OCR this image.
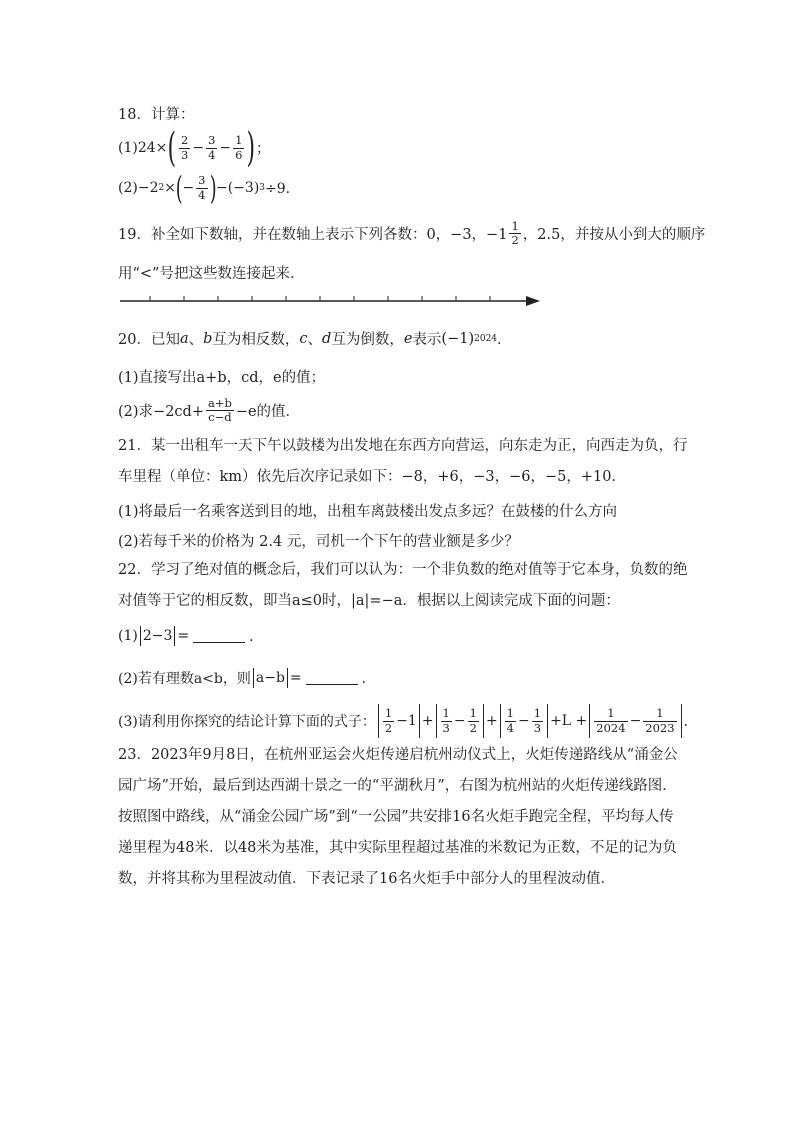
18．计算：
(1) 24× ( $\frac{2}{3} - \frac{3}{4} - \frac{1}{6}$ ) ；
(2) −2 2 × ( − $\frac{3}{4}$ ) −(−3) 3 ÷9．
19．补全如下数轴，并在数轴上表示下列各数：0，−3，$-1 \frac{1}{2}$ ，2.5，并按从小到大的顺序
用“<”号把这些数连接起来．
20．已知 a 、 b 互为相反数， c 、 d 互为倒数， e 表示 (−1) 2024 ．
(1)直接写出a+b，cd，e的值；
(2)求$-2cd+ \frac{a+b}{c-d} -e$的值．
21．某一出租车一天下午以鼓楼为出发地在东西方向营运，向东走为正，向西走为负，行车里程（单位：km）依先后次序记录如下：−8，+6，−3，−6，−5，+10．
(1)将最后一名乘客送到目的地，出租车离鼓楼出发点多远？在鼓楼的什么方向
(2)若每千米的价格为 2.4 元，司机一个下午的营业额是多少？
22．学习了绝对值的概念后，我们可以认为：一个非负数的绝对值等于它本身，负数的绝对值等于它的相反数，即当a≤0时，|a|=−a．根据以上阅读完成下面的问题：
(1) 2−3 =	．
(2)若有理数a<b，则 a−b =	．
(3)请利用你探究的结论计算下面的式子： $\frac{1}{2} -1 + \frac{1}{3} - \frac{1}{2} + \frac{1}{4} - \frac{1}{3} +L + \frac{1}{2024} - \frac{1}{2023}$ ．
23．2023年9月8日，在杭州亚运会火炬传递启杭州动仪式上，火炬传递路线从“涌金公园广场”开始，最后到达西湖十景之一的“平湖秋月”，右图为杭州站的火炬传递线路图．按照图中路线，从“涌金公园广场”到“一公园”共安排16名火炬手跑完全程，平均每人传递里程为48米．以48米为基准，其中实际里程超过基准的米数记为正数，不足的记为负数，并将其称为里程波动值．下表记录了16名火炬手中部分人的里程波动值．
